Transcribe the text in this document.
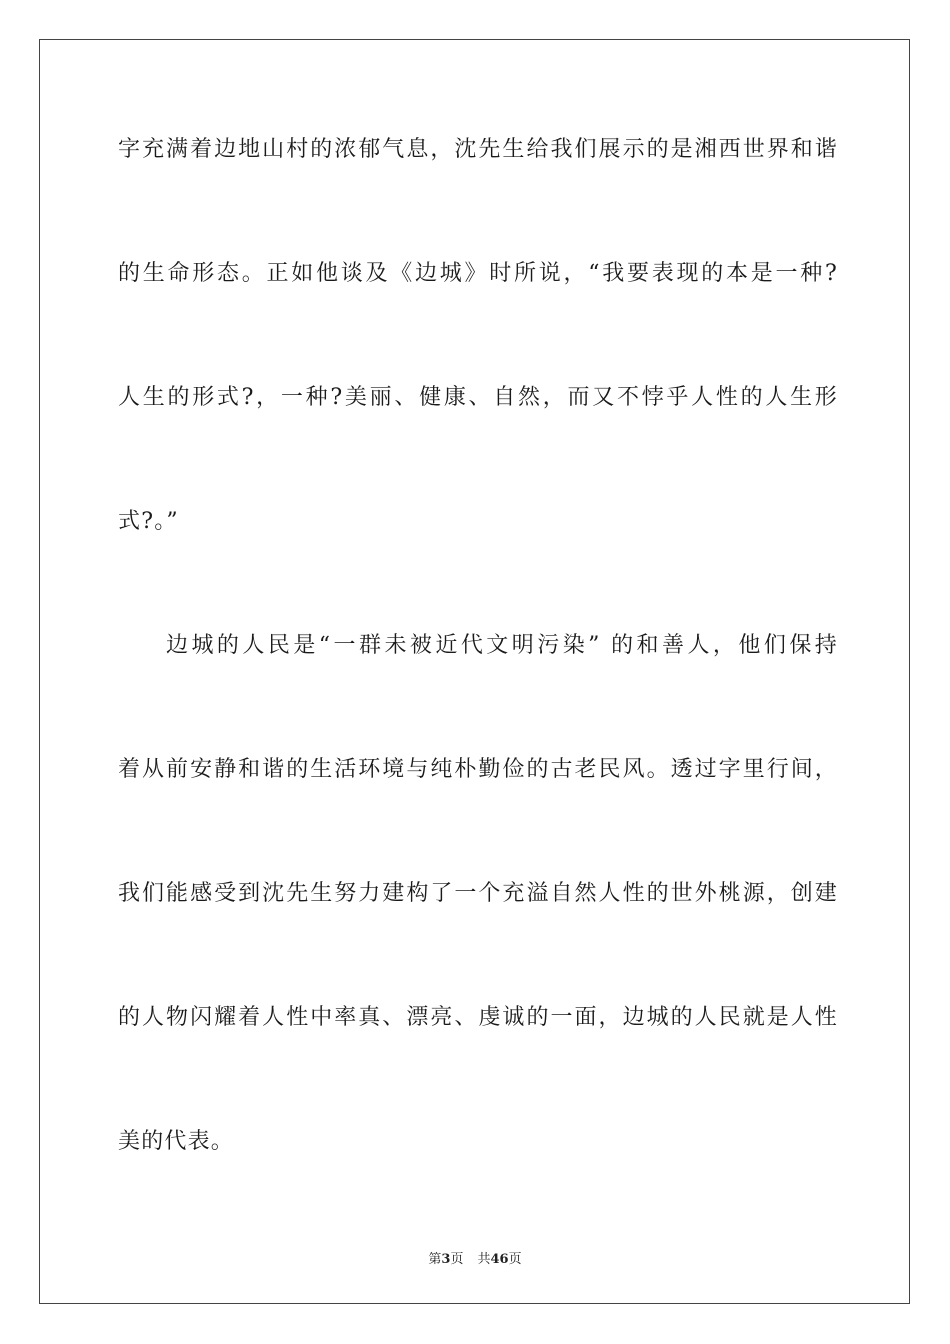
字充满着边地山村的浓郁气息，沈先生给我们展示的是湘西世界和谐

的生命形态。正如他谈及《边城》时所说，“我要表现的本是一种?

人生的形式?，一种?美丽、健康、自然，而又不悖乎人性的人生形

式?。”

边城的人民是“一群未被近代文明污染” 的和善人，他们保持

着从前安静和谐的生活环境与纯朴勤俭的古老民风。透过字里行间，

我们能感受到沈先生努力建构了一个充溢自然人性的世外桃源，创建

的人物闪耀着人性中率真、漂亮、虔诚的一面，边城的人民就是人性

美的代表。

第3页 共46页
